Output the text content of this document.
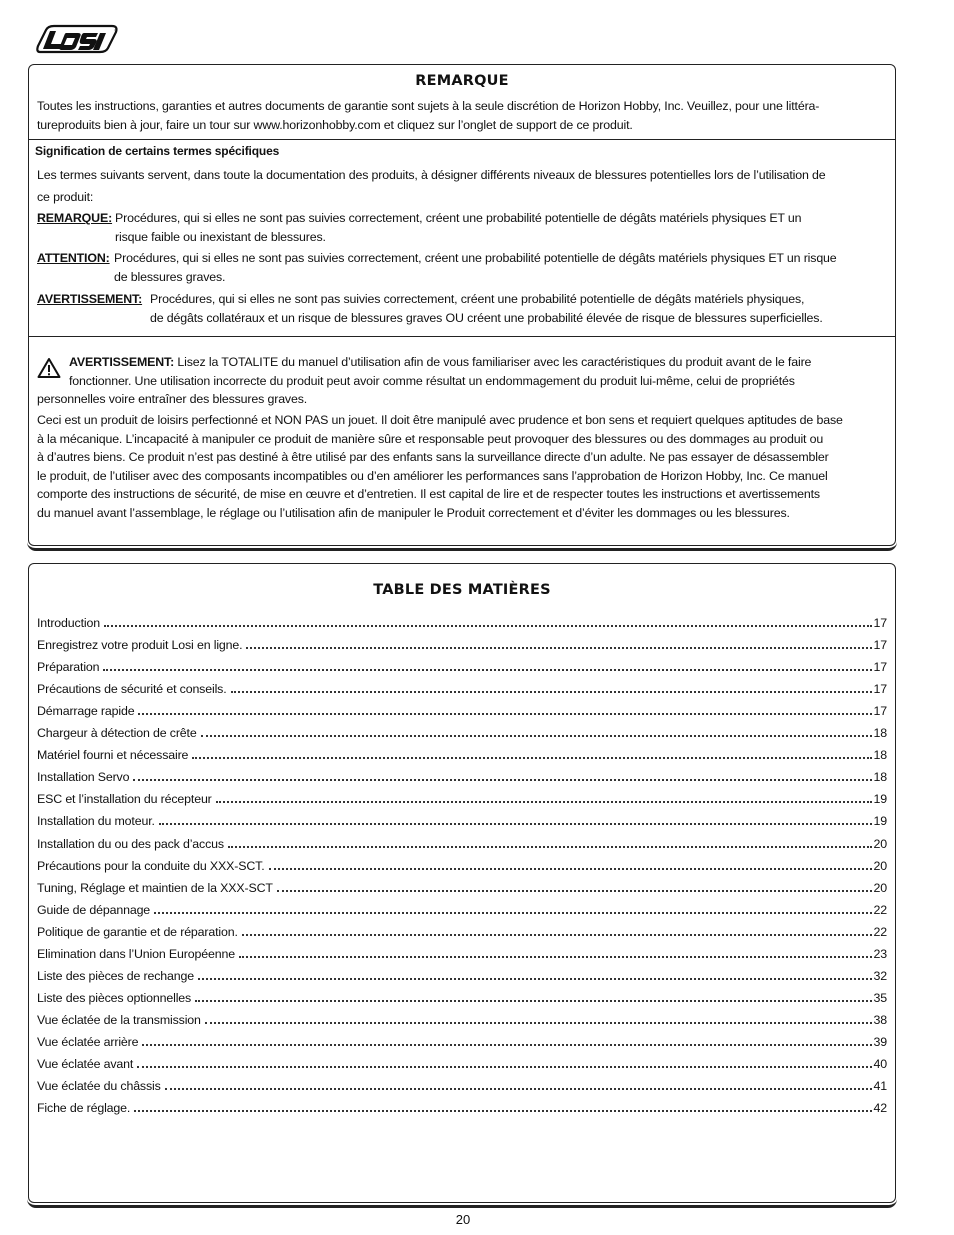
®
REMARQUE
Toutes les instructions, garanties et autres documents de garantie sont sujets à la seule discrétion de Horizon Hobby, Inc. Veuillez, pour une littéra-
tureproduits bien à jour, faire un tour sur www.horizonhobby.com et cliquez sur l’onglet de support de ce produit.
Signification de certains termes spécifiques
Les termes suivants servent, dans toute la documentation des produits, à désigner différents niveaux de blessures potentielles lors de l’utilisation de
ce produit:
REMARQUE: Procédures, qui si elles ne sont pas suivies correctement, créent une probabilité potentielle de dégâts matériels physiques ET un
risque faible ou inexistant de blessures.
ATTENTION: Procédures, qui si elles ne sont pas suivies correctement, créent une probabilité potentielle de dégâts matériels physiques ET un risque
de blessures graves.
AVERTISSEMENT: Procédures, qui si elles ne sont pas suivies correctement, créent une probabilité potentielle de dégâts matériels physiques,
de dégâts collatéraux et un risque de blessures graves OU créent une probabilité élevée de risque de blessures superficielles.
AVERTISSEMENT: Lisez la TOTALITE du manuel d’utilisation afin de vous familiariser avec les caractéristiques du produit avant de le faire
fonctionner. Une utilisation incorrecte du produit peut avoir comme résultat un endommagement du produit lui-même, celui de propriétés
personnelles voire entraîner des blessures graves.
Ceci est un produit de loisirs perfectionné et NON PAS un jouet. Il doit être manipulé avec prudence et bon sens et requiert quelques aptitudes de base
à la mécanique. L’incapacité à manipuler ce produit de manière sûre et responsable peut provoquer des blessures ou des dommages au produit ou
à d’autres biens. Ce produit n’est pas destiné à être utilisé par des enfants sans la surveillance directe d’un adulte. Ne pas essayer de désassembler
le produit, de l’utiliser avec des composants incompatibles ou d’en améliorer les performances sans l’approbation de Horizon Hobby, Inc. Ce manuel
comporte des instructions de sécurité, de mise en œuvre et d’entretien. Il est capital de lire et de respecter toutes les instructions et avertissements
du manuel avant l’assemblage, le réglage ou l’utilisation afin de manipuler le Produit correctement et d’éviter les dommages ou les blessures.
TABLE DES MATIÈRES
Introduction	17
Enregistrez votre produit Losi en ligne.	17
Préparation	17
Précautions de sécurité et conseils.	17
Démarrage rapide	17
Chargeur à détection de crête	18
Matériel fourni et nécessaire	18
Installation Servo	18
ESC et l’installation du récepteur	19
Installation du moteur.	19
Installation du ou des pack d’accus	20
Précautions pour la conduite du XXX-SCT.	20
Tuning, Réglage et maintien de la XXX-SCT	20
Guide de dépannage	22
Politique de garantie et de réparation.	22
Elimination dans l’Union Européenne	23
Liste des pièces de rechange	32
Liste des pièces optionnelles	35
Vue éclatée de la transmission	38
Vue éclatée arrière	39
Vue éclatée avant	40
Vue éclatée du châssis	41
Fiche de réglage.	42
20
